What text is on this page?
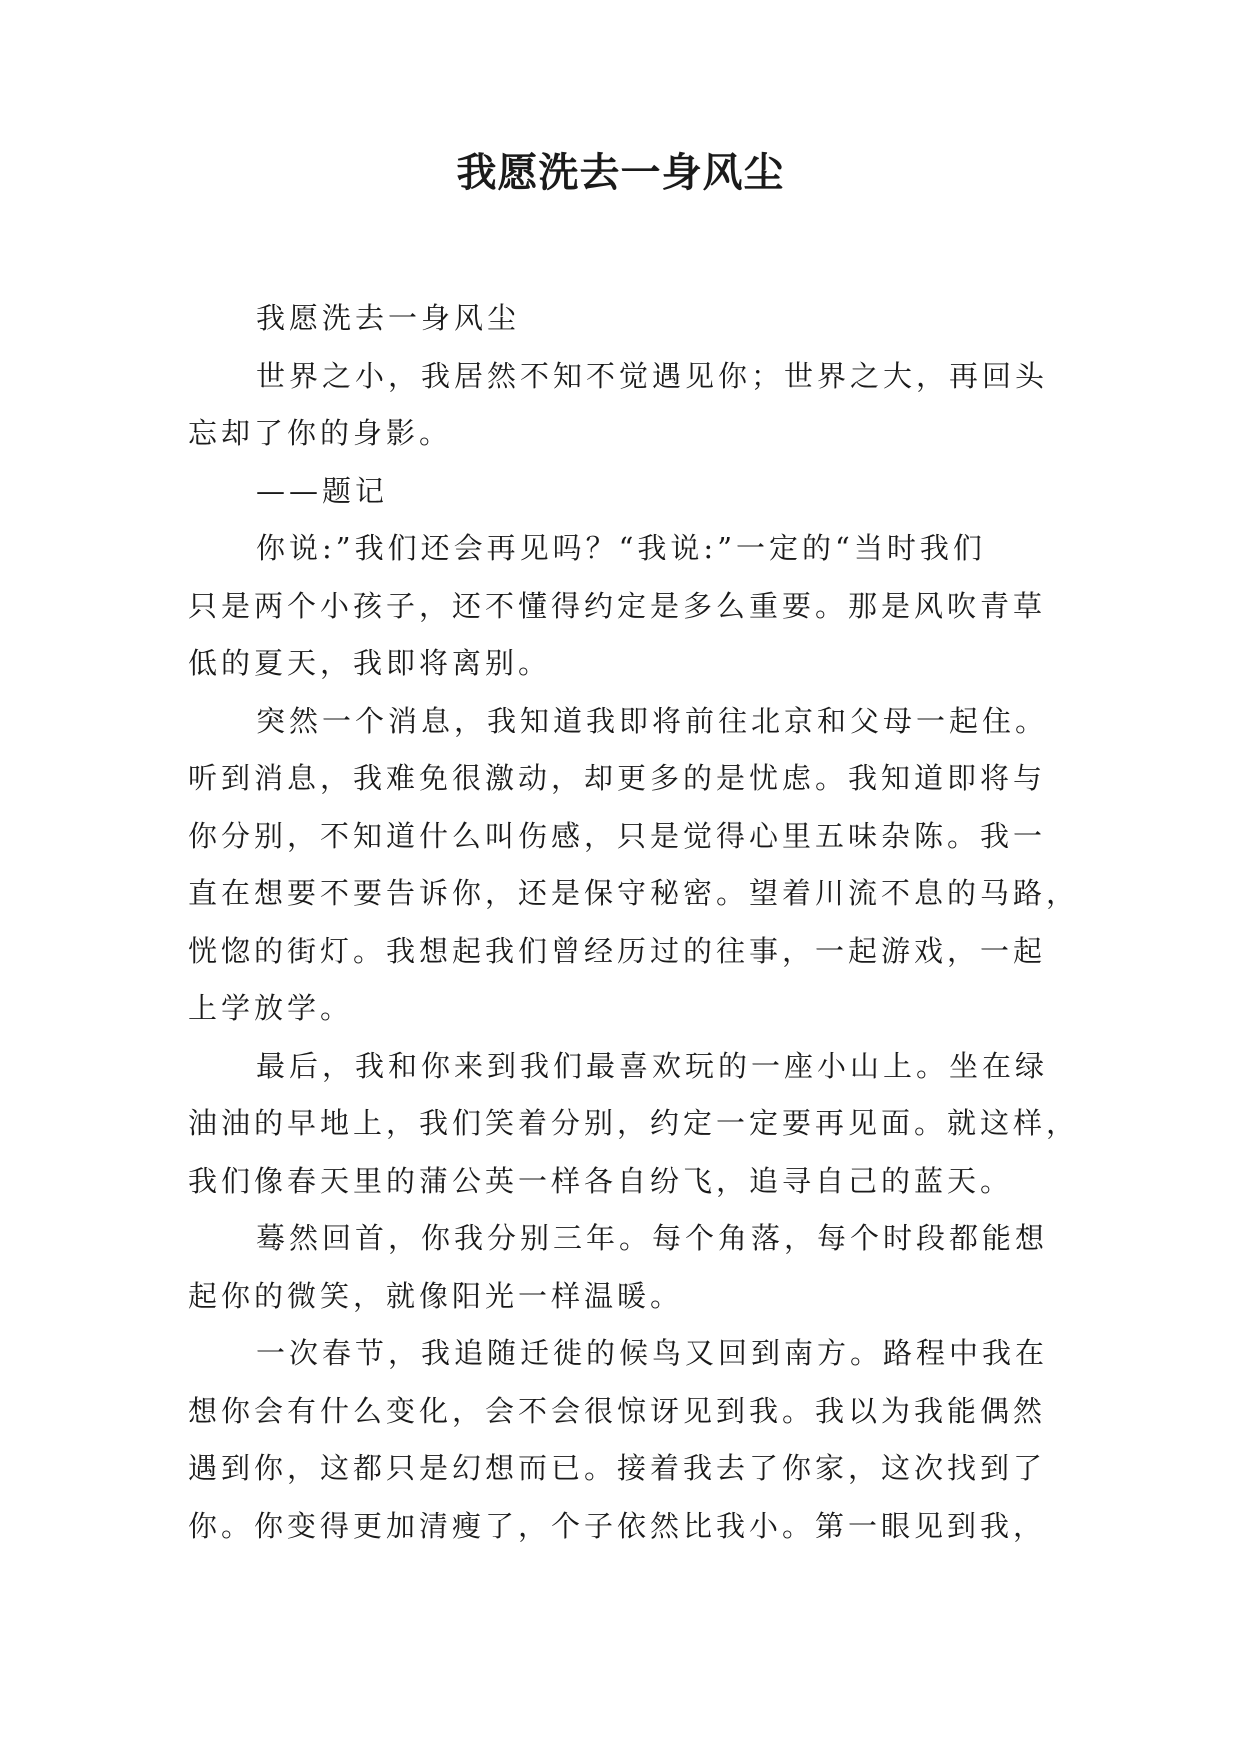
我愿洗去一身风尘

我愿洗去一身风尘

世界之小，我居然不知不觉遇见你；世界之大，再回头

忘却了你的身影。

——题记

你说:”我们还会再见吗？“我说:”一定的“当时我们

只是两个小孩子，还不懂得约定是多么重要。那是风吹青草

低的夏天，我即将离别。

突然一个消息，我知道我即将前往北京和父母一起住。

听到消息，我难免很激动，却更多的是忧虑。我知道即将与

你分别，不知道什么叫伤感，只是觉得心里五味杂陈。我一

直在想要不要告诉你，还是保守秘密。望着川流不息的马路，

恍惚的街灯。我想起我们曾经历过的往事，一起游戏，一起

上学放学。

最后，我和你来到我们最喜欢玩的一座小山上。坐在绿

油油的早地上，我们笑着分别，约定一定要再见面。就这样，

我们像春天里的蒲公英一样各自纷飞，追寻自己的蓝天。

蓦然回首，你我分别三年。每个角落，每个时段都能想

起你的微笑，就像阳光一样温暖。

一次春节，我追随迁徙的候鸟又回到南方。路程中我在

想你会有什么变化，会不会很惊讶见到我。我以为我能偶然

遇到你，这都只是幻想而已。接着我去了你家，这次找到了

你。你变得更加清瘦了，个子依然比我小。第一眼见到我，
